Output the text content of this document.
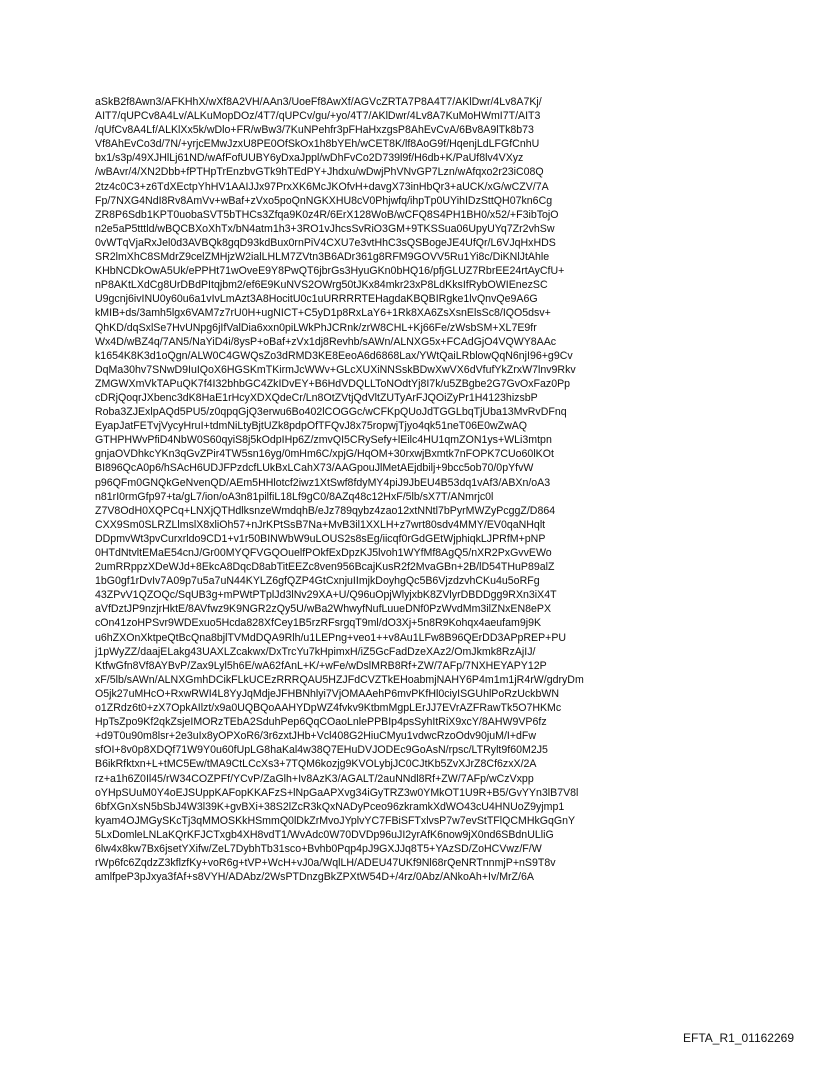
aSkB2f8Awn3/AFKHhX/wXf8A2VH/AAn3/UoeFf8AwXf/AGVcZRTA7P8A4T7/AKlDwr/4Lv8A7Kj/
AIT7/qUPCv8A4Lv/ALKuMopDOz/4T7/qUPCv/gu/+yo/4T7/AKlDwr/4Lv8A7KuMoHWmI7T/AIT3
/qUfCv8A4Lf/ALKlXx5k/wDlo+FR/wBw3/7KuNPehfr3pFHaHxzgsP8AhEvCvA/6Bv8A9lTk8b73
Vf8AhEvCo3d/7N/+yrjcEMwJzxU8PE0OfSkOx1h8bYEh/wCET8K/lf8AoG9f/HqenjLdLFGfCnhU
bx1/s3p/49XJHlLj61ND/wAfFofUUBY6yDxaJppl/wDhFvCo2D739l9f/H6db+K/PaUf8lv4VXyz
/wBAvr/4/XN2Dbb+fPTHpTrEnzbvGTk9hTEdPY+Jhdxu/wDwjPhVNvGP7Lzn/wAfqxo2r23iC08Q
2tz4c0C3+z6TdXEctpYhHV1AAIJJx97PrxXK6McJKOfvH+davgX73inHbQr3+aUCK/xG/wCZV/7A
Fp/7NXG4NdI8Rv8AmVv+wBaf+zVxo5poQnNGKXHU8cV0Phjwfq/ihpTp0UYihIDzSttQH07kn6Cg
ZR8P6Sdb1KPT0uobaSVT5bTHCs3Zfqa9K0z4R/6ErX128WoB/wCFQ8S4PH1BH0/x52/+F3ibTojO
n2e5aP5tttld/wBQCBXoXhTx/bN4atm1h3+3RO1vJhcsSvRiO3GM+9TKSSua06UpyUYq7Zr2vhSw
0vWTqVjaRxJel0d3AVBQk8gqD93kdBux0rnPiV4CXU7e3vtHhC3sQSBogeJE4UfQr/L6VJqHxHDS
SR2lmXhC8SMdrZ9celZMHjzW2ialLHLM7ZVtn3B6ADr361g8RFM9GOVV5Ru1Yi8c/DiKNlJtAhle
KHbNCDkOwA5Uk/ePPHt71wOveE9Y8PwQT6jbrGs3HyuGKn0bHQ16/pfjGLUZ7RbrEE24rtAyCfU+
nP8AKtLXdCg8UrDBdPItqjbm2/ef6E9KuNVS2OWrg50tJKx84mkr23xP8LdKksIfRybOWIEnezSC
U9gcnj6ivINU0y60u6a1vIvLmAzt3A8HocitU0c1uURRRRTEHagdaKBQBIRgke1lvQnvQe9A6G
kMIB+ds/3amh5lgx6VAM7z7rU0H+ugNICT+C5yD1p8RxLaY6+1Rk8XA6ZsXsnElsSc8/IQO5dsv+
QhKD/dqSxlSe7HvUNpg6jIfValDia6xxn0piLWkPhJCRnk/zrW8CHL+Kj66Fe/zWsbSM+XL7E9fr
Wx4D/wBZ4q/7AN5/NaYiD4i/8ysP+oBaf+zVx1dj8Revhb/sAWn/ALNXG5x+FCAdGjO4VQWY8AAc
k1654K8K3d1oQgn/ALW0C4GWQsZo3dRMD3KE8EeoA6d6868Lax/YWtQaiLRblowQqN6njI96+g9Cv
DqMa30hv7SNwD9IuIQoX6HGSKmTKirmJcWWv+GLcXUXiNNSskBDwXwVX6dVfufYkZrxW7lnv9Rkv
ZMGWXmVkTAPuQK7f4I32bhbGC4ZkIDvEY+B6HdVDQLLToNOdtYj8I7k/u5ZBgbe2G7GvOxFaz0Pp
cDRjQoqrJXbenc3dK8HaE1rHcyXDXQdeCr/Ln8OtZVtjQdVltZUTyArFJQOiZyPr1H4123hizsbP
Roba3ZJExlpAQd5PU5/z0qpqGjQ3erwu6Bo402lCOGGc/wCFKpQUoJdTGGLbqTjUba13MvRvDFnq
EyapJatFETvjVycyHruI+tdmNiLtyBjtUZk8pdpOfTFQvJ8x75ropwjTjyo4qk51neT06E0wZwAQ
GTHPHWvPfiD4NbW0S60qyiS8j5kOdpIHp6Z/zmvQI5CRySefy+lEilc4HU1qmZON1ys+WLi3mtpn
gnjaOVDhkcYKn3qGvZPir4TW5sn16yg/0mHm6C/xpjG/HqOM+30rxwjBxmtk7nFOPK7CUo60lKOt
BI896QcA0p6/hSAcH6UDJFPzdcfLUkBxLCahX73/AAGpouJlMetAEjdbilj+9bcc5ob70/0pYfvW
p96QFm0GNQkGeNvenQD/AEm5HHlotcf2iwz1XtSwf8fdyMY4piJ9JbEU4B53dq1vAf3/ABXn/oA3
n81rI0rmGfp97+ta/gL7/ion/oA3n81pilfiL18Lf9gC0/8AZq48c12HxF/5lb/sX7T/ANmrjc0l
Z7V8OdH0XQPCq+LNXjQTHdlksnzeWmdqhB/eJz789qybz4zao12xtNNtl7bPyrMWZyPcggZ/D864
CXX9Sm0SLRZLlmslX8xliOh57+nJrKPtSsB7Na+MvB3il1XXLH+z7wrt80sdv4MMY/EV0qaNHqlt
DDpmvWt3pvCurxrldo9CD1+v1r50BINWbW9uLOUS2s8sEg/iicqf0rGdGEtWjphiqkLJPRfM+pNP
0HTdNtvltEMaE54cnJ/Gr00MYQFVGQOuelfPOkfExDpzKJ5lvoh1WYfMf8AgQ5/nXR2PxGvvEWo
2umRRppzXDeWJd+8EkcA8DqcD8abTitEEZc8ven956BcajKusR2f2MvaGBn+2B/lD54THuP89alZ
1bG0gf1rDvIv7A09p7u5a7uN44KYLZ6gfQZP4GtCxnjuIImjkDoyhgQc5B6VjzdzvhCKu4u5oRFg
43ZPvV1QZOQc/SqUB3g+mPWtPTplJd3lNv29XA+U/Q96uOpjWlyjxbK8ZVlyrDBDDgg9RXn3iX4T
aVfDztJP9nzjrHktE/8AVfwz9K9NGR2zQy5U/wBa2WhwyfNufLuueDNf0PzWvdMm3ilZNxEN8ePX
cOn41zoHPSvr9WDExuo5Hcda828XfCey1B5rzRFsrgqT9ml/dO3Xj+5n8R9Kohqx4aeufam9j9K
u6hZXOnXktpeQtBcQna8bjlTVMdDQA9Rlh/u1LEPng+veo1++v8Au1LFw8B96QErDD3APpREP+PU
j1pWyZZ/daajELakg43UAXLZcakwx/DxTrcYu7kHpimxH/iZ5GcFadDzeXAz2/OmJkmk8RzAjIJ/
KtfwGfn8Vf8AYBvP/Zax9Lyl5h6E/wA62fAnL+K/+wFe/wDslMRB8Rf+ZW/7AFp/7NXHEYAPY12P
xF/5lb/sAWn/ALNXGmhDCikFLkUCEzRRRQAU5HZJFdCVZTkEHoabmjNAHY6P4m1m1jR4rW/gdryDm
O5jk27uMHcO+RxwRWI4L8YyJqMdjeJFHBNhlyi7VjOMAAehP6mvPKfHl0ciyISGUhlPoRzUckbWN
o1ZRdz6t0+zX7OpkAIlzt/x9a0UQBQoAAHYDpWZ4fvkv9KtbmMgpLErJJ7EVrAZFRawTk5O7HKMc
HpTsZpo9Kf2qkZsjeIMORzTEbA2SduhPep6QqCOaoLnlePPBIp4psSyhItRiX9xcY/8AHW9VP6fz
+d9T0u90m8lsr+2e3uIx8yOPXoR6/3r6zxtJHb+Vcl408G2HiuCMyu1vdwcRzoOdv90juM/I+dFw
sfOI+8v0p8XDQf71W9Y0u60fUpLG8haKal4w38Q7EHuDVJODEc9GoAsN/rpsc/LTRylt9f60M2J5
B6ikRfktxn+L+tMC5Ew/tMA9CtLCcXs3+7TQM6kozjg9KVOLybjJC0CJtKb5ZvXJrZ8Cf6zxX/2A
rz+a1h6Z0Il45/rW34COZPFf/YCvP/ZaGlh+Iv8AzK3/AGALT/2auNNdl8Rf+ZW/7AFp/wCzVxpp
oYHpSUuM0Y4oEJSUppKAFopKKAFzS+lNpGaAPXvg34iGyTRZ3w0YMkOT1U9R+B5/GvYYn3lB7V8l
6bfXGnXsN5bSbJ4W3l39K+gvBXi+38S2lZcR3kQxNADyPceo96zkramkXdWO43cU4HNUoZ9yjmp1
kyam4OJMGySKcTj3qMMOSKkHSmmQ0lDkZrMvoJYplvYC7FBiSFTxlvsP7w7evStTFlQCMHkGqGnY
5LxDomleLNLaKQrKFJCTxgb4XH8vdT1/WvAdc0W70DVDp96uJI2yrAfK6now9jX0nd6SBdnULliG
6lw4x8kw7Bx6jsetYXifw/ZeL7DybhTb31sco+Bvhb0Pqp4pJ9GXJJq8T5+YAzSD/ZoHCVwz/F/W
rWp6fc6ZqdzZ3kflzfKy+voR6g+tVP+WcH+vJ0a/WqlLH/ADEU47UKf9Nl68rQeNRTnnmjP+nS9T8v
amlfpeP3pJxya3fAf+s8VYH/ADAbz/2WsPTDnzgBkZPXtW54D+/4rz/0Abz/ANkoAh+Iv/MrZ/6A
EFTA_R1_01162269
